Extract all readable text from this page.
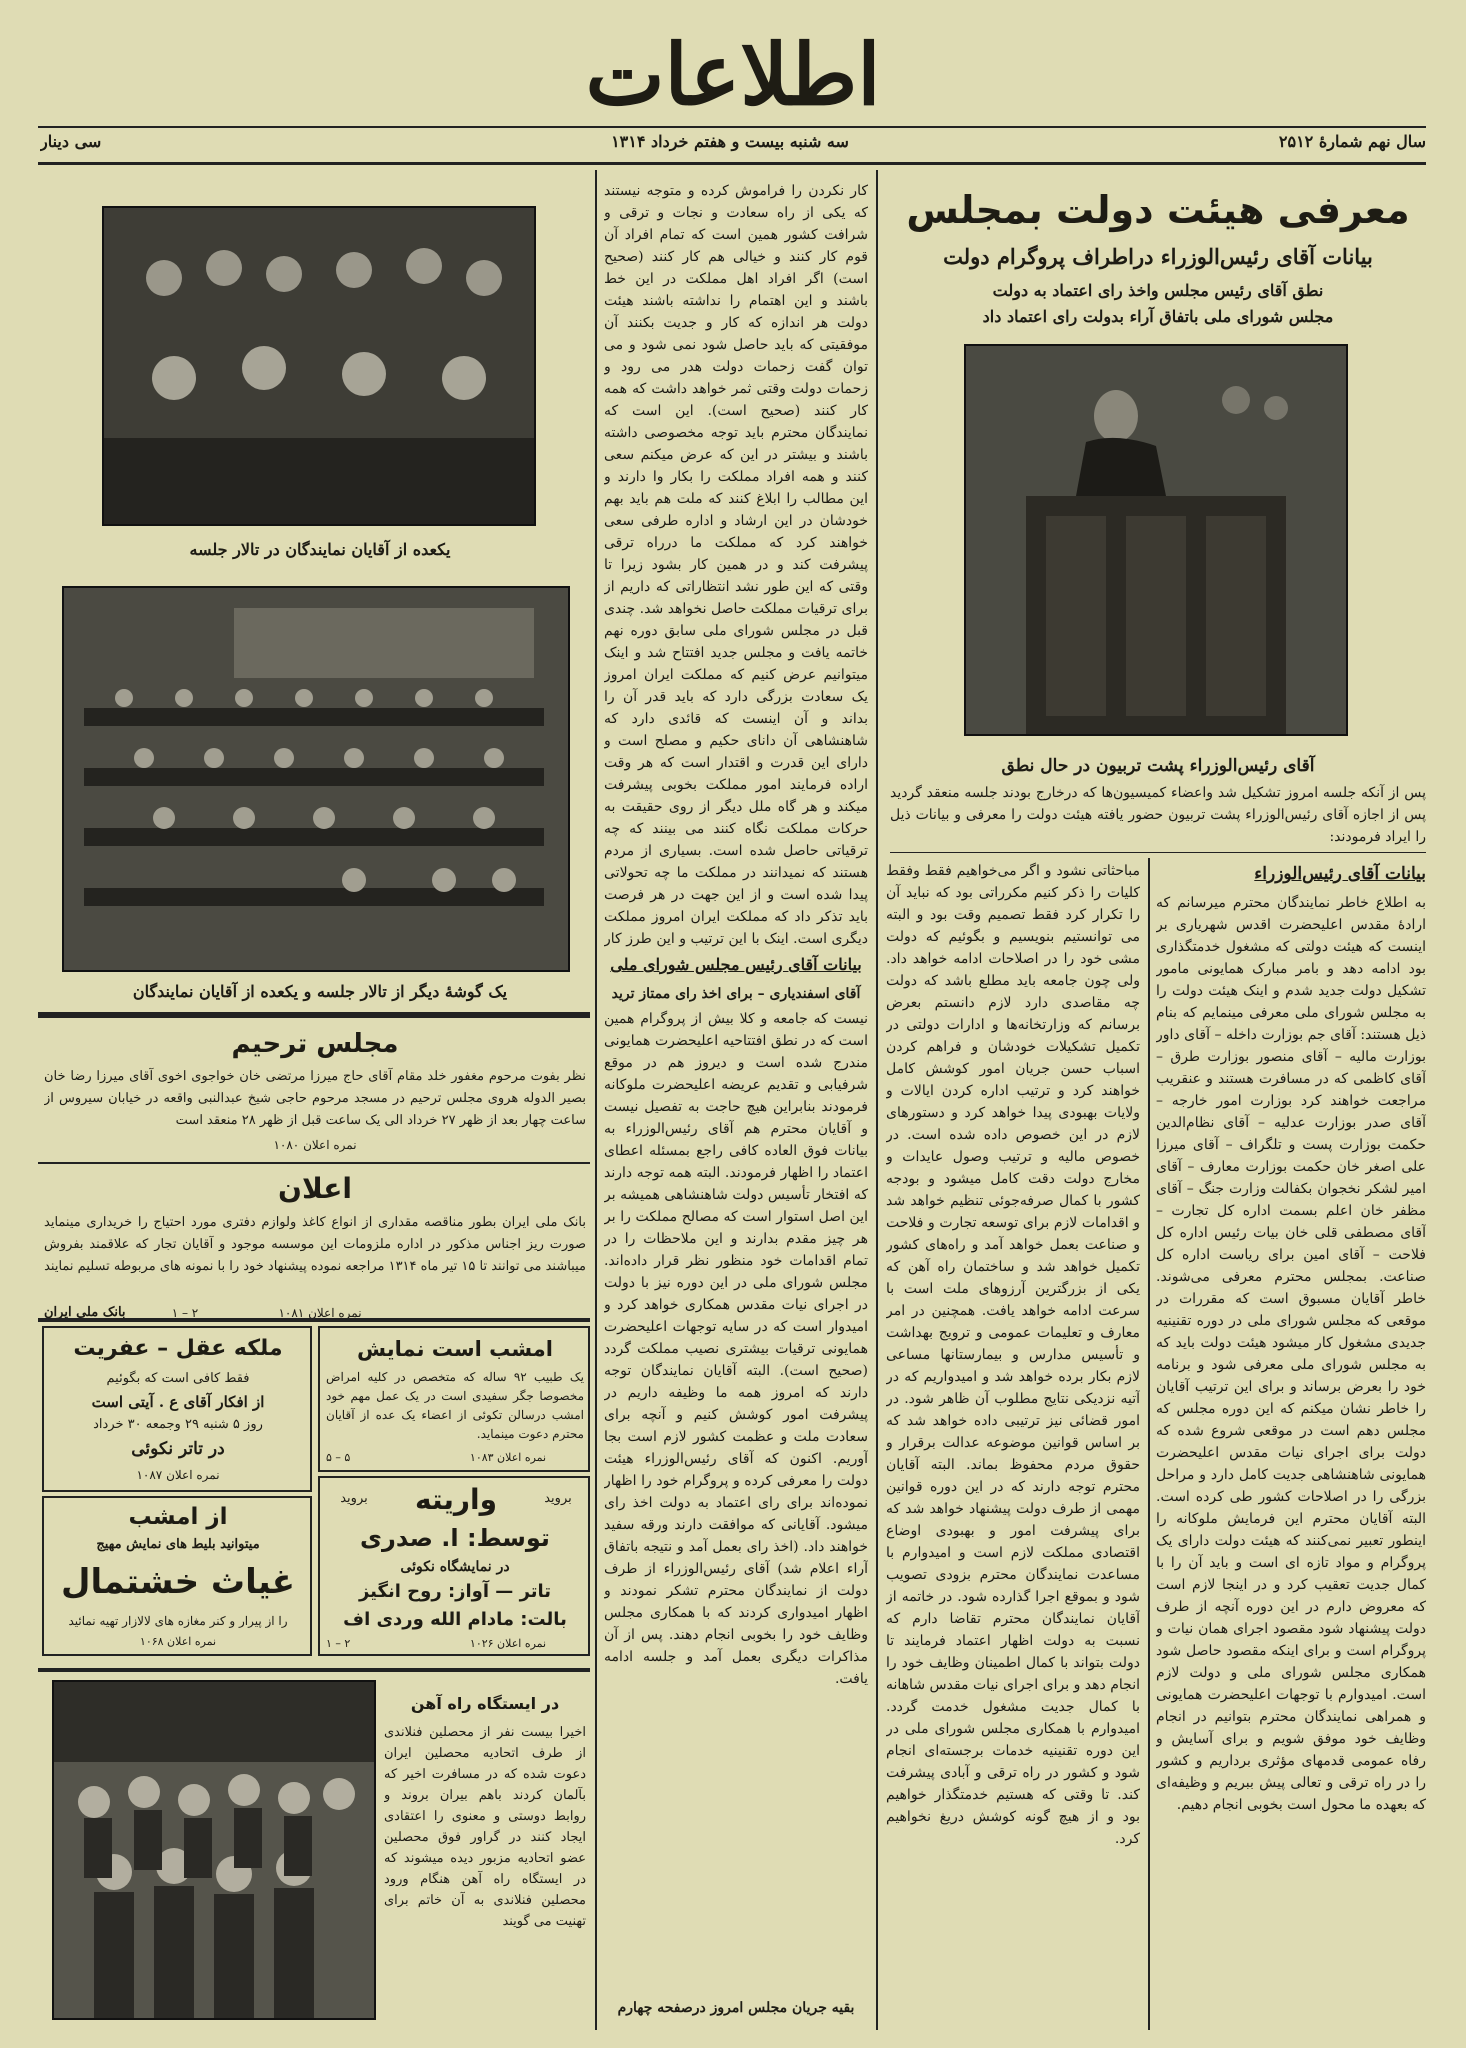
اطلاعات
سال نهم شمارهٔ ۲۵۱۲
سه شنبه بیست و هفتم خرداد ۱۳۱۴
سی دینار
معرفی هیئت دولت بمجلس
بیانات آقای رئیس‌الوزراء دراطراف پروگرام دولت
نطق آقای رئیس مجلس واخذ رای اعتماد به دولت
مجلس شورای ملی باتفاق آراء بدولت رای اعتماد داد
آقای رئیس‌الوزراء پشت تربیون در حال نطق
پس از آنکه جلسه امروز تشکیل شد واعضاء کمیسیون‌ها که درخارج بودند جلسه منعقد گردید پس از اجازه آقای رئیس‌الوزراء پشت تربیون حضور یافته هیئت دولت را معرفی و بیانات ذیل را ایراد فرمودند:
بیانات آقای رئیس‌الوزراء
به اطلاع خاطر نمایندگان محترم میرسانم که ارادهٔ مقدس اعلیحضرت اقدس شهریاری بر اینست که هیئت دولتی که مشغول خدمتگذاری بود ادامه دهد و بامر مبارک همایونی مامور تشکیل دولت جدید شدم و اینک هیئت دولت را به مجلس شورای ملی معرفی مینمایم که بنام ذیل هستند: آقای جم بوزارت داخله – آقای داور بوزارت مالیه – آقای منصور بوزارت طرق – آقای کاظمی که در مسافرت هستند و عنقریب مراجعت خواهند کرد بوزارت امور خارجه – آقای صدر بوزارت عدلیه – آقای نظام‌الدین حکمت بوزارت پست و تلگراف – آقای میرزا علی اصغر خان حکمت بوزارت معارف – آقای امیر لشکر نخجوان بکفالت وزارت جنگ – آقای مظفر خان اعلم بسمت اداره کل تجارت – آقای مصطفی قلی خان بیات رئیس اداره کل فلاحت – آقای امین برای ریاست اداره کل صناعت. بمجلس محترم معرفی می‌شوند. خاطر آقایان مسبوق است که مقررات در موقعی که مجلس شورای ملی در دوره تقنینیه جدیدی مشغول کار میشود هیئت دولت باید که به مجلس شورای ملی معرفی شود و برنامه خود را بعرض برساند و برای این ترتیب آقایان را خاطر نشان میکنم که این دوره مجلس که مجلس دهم است در موقعی شروع شده که دولت برای اجرای نیات مقدس اعلیحضرت همایونی شاهنشاهی جدیت کامل دارد و مراحل بزرگی را در اصلاحات کشور طی کرده است. البته آقایان محترم این فرمایش ملوکانه را اینطور تعبیر نمی‌کنند که هیئت دولت دارای یک پروگرام و مواد تازه ای است و باید آن را با کمال جدیت تعقیب کرد و در اینجا لازم است که معروض دارم در این دوره آنچه از طرف دولت پیشنهاد شود مقصود اجرای همان نیات و پروگرام است و برای اینکه مقصود حاصل شود همکاری مجلس شورای ملی و دولت لازم است. امیدوارم با توجهات اعلیحضرت همایونی و همراهی نمایندگان محترم بتوانیم در انجام وظایف خود موفق شویم و برای آسایش و رفاه عمومی قدمهای مؤثری برداریم و کشور را در راه ترقی و تعالی پیش ببریم و وظیفه‌ای که بعهده ما محول است بخوبی انجام دهیم.
مباحثاتی نشود و اگر می‌خواهیم فقط وفقط کلیات را ذکر کنیم مکرراتی بود که نباید آن را تکرار کرد فقط تصمیم وقت بود و البته می توانستیم بنویسیم و بگوئیم که دولت مشی خود را در اصلاحات ادامه خواهد داد. ولی چون جامعه باید مطلع باشد که دولت چه مقاصدی دارد لازم دانستم بعرض برسانم که وزارتخانه‌ها و ادارات دولتی در تکمیل تشکیلات خودشان و فراهم کردن اسباب حسن جریان امور کوشش کامل خواهند کرد و ترتیب اداره کردن ایالات و ولایات بهبودی پیدا خواهد کرد و دستورهای لازم در این خصوص داده شده است. در خصوص مالیه و ترتیب وصول عایدات و مخارج دولت دقت کامل میشود و بودجه کشور با کمال صرفه‌جوئی تنظیم خواهد شد و اقدامات لازم برای توسعه تجارت و فلاحت و صناعت بعمل خواهد آمد و راه‌های کشور تکمیل خواهد شد و ساختمان راه آهن که یکی از بزرگترین آرزوهای ملت است با سرعت ادامه خواهد یافت. همچنین در امر معارف و تعلیمات عمومی و ترویج بهداشت و تأسیس مدارس و بیمارستانها مساعی لازم بکار برده خواهد شد و امیدواریم که در آتیه نزدیکی نتایج مطلوب آن ظاهر شود. در امور قضائی نیز ترتیبی داده خواهد شد که بر اساس قوانین موضوعه عدالت برقرار و حقوق مردم محفوظ بماند. البته آقایان محترم توجه دارند که در این دوره قوانین مهمی از طرف دولت پیشنهاد خواهد شد که برای پیشرفت امور و بهبودی اوضاع اقتصادی مملکت لازم است و امیدوارم با مساعدت نمایندگان محترم بزودی تصویب شود و بموقع اجرا گذارده شود. در خاتمه از آقایان نمایندگان محترم تقاضا دارم که نسبت به دولت اظهار اعتماد فرمایند تا دولت بتواند با کمال اطمینان وظایف خود را انجام دهد و برای اجرای نیات مقدس شاهانه با کمال جدیت مشغول خدمت گردد. امیدوارم با همکاری مجلس شورای ملی در این دوره تقنینیه خدمات برجسته‌ای انجام شود و کشور در راه ترقی و آبادی پیشرفت کند. تا وقتی که هستیم خدمتگذار خواهیم بود و از هیچ گونه کوشش دریغ نخواهیم کرد.
کار نکردن را فراموش کرده و متوجه نیستند که یکی از راه سعادت و نجات و ترقی و شرافت کشور همین است که تمام افراد آن قوم کار کنند و خیالی هم کار کنند (صحیح است) اگر افراد اهل مملکت در این خط باشند و این اهتمام را نداشته باشند هیئت دولت هر اندازه که کار و جدیت بکنند آن موفقیتی که باید حاصل شود نمی شود و می توان گفت زحمات دولت هدر می رود و زحمات دولت وقتی ثمر خواهد داشت که همه کار کنند (صحیح است). این است که نمایندگان محترم باید توجه مخصوصی داشته باشند و بیشتر در این که عرض میکنم سعی کنند و همه افراد مملکت را بکار وا دارند و این مطالب را ابلاغ کنند که ملت هم باید بهم خودشان در این ارشاد و اداره طرفی سعی خواهند کرد که مملکت ما درراه ترقی پیشرفت کند و در همین کار بشود زیرا تا وقتی که این طور نشد انتظاراتی که داریم از برای ترقیات مملکت حاصل نخواهد شد. چندی قبل در مجلس شورای ملی سابق دوره نهم خاتمه یافت و مجلس جدید افتتاح شد و اینک میتوانیم عرض کنیم که مملکت ایران امروز یک سعادت بزرگی دارد که باید قدر آن را بداند و آن اینست که قائدی دارد که شاهنشاهی آن دانای حکیم و مصلح است و دارای این قدرت و اقتدار است که هر وقت اراده فرمایند امور مملکت بخوبی پیشرفت میکند و هر گاه ملل دیگر از روی حقیقت به حرکات مملکت نگاه کنند می بینند که چه ترقیاتی حاصل شده است. بسیاری از مردم هستند که نمیدانند در مملکت ما چه تحولاتی پیدا شده است و از این جهت در هر فرصت باید تذکر داد که مملکت ایران امروز مملکت دیگری است. اینک با این ترتیب و این طرز کار
بیانات آقای رئیس مجلس شورای ملی
آقای اسفندیاری – برای اخذ رای ممتاز ترید
نیست که جامعه و کلا بیش از پروگرام همین است که در نطق افتتاحیه اعلیحضرت همایونی مندرج شده است و دیروز هم در موقع شرفیابی و تقدیم عریضه اعلیحضرت ملوکانه فرمودند بنابراین هیچ حاجت به تفصیل نیست و آقایان محترم هم آقای رئیس‌الوزراء به بیانات فوق العاده کافی راجع بمسئله اعطای اعتماد را اظهار فرمودند. البته همه توجه دارند که افتخار تأسیس دولت شاهنشاهی همیشه بر این اصل استوار است که مصالح مملکت را بر هر چیز مقدم بدارند و این ملاحظات را در تمام اقدامات خود منظور نظر قرار داده‌اند. مجلس شورای ملی در این دوره نیز با دولت در اجرای نیات مقدس همکاری خواهد کرد و امیدوار است که در سایه توجهات اعلیحضرت همایونی ترقیات بیشتری نصیب مملکت گردد (صحیح است). البته آقایان نمایندگان توجه دارند که امروز همه ما وظیفه داریم در پیشرفت امور کوشش کنیم و آنچه برای سعادت ملت و عظمت کشور لازم است بجا آوریم. اکنون که آقای رئیس‌الوزراء هیئت دولت را معرفی کرده و پروگرام خود را اظهار نموده‌اند برای رای اعتماد به دولت اخذ رای میشود. آقایانی که موافقت دارند ورقه سفید خواهند داد. (اخذ رای بعمل آمد و نتیجه باتفاق آراء اعلام شد) آقای رئیس‌الوزراء از طرف دولت از نمایندگان محترم تشکر نمودند و اظهار امیدواری کردند که با همکاری مجلس وظایف خود را بخوبی انجام دهند. پس از آن مذاکرات دیگری بعمل آمد و جلسه ادامه یافت.
بقیه جریان مجلس امروز درصفحه چهارم
یکعده از آقایان نمایندگان در تالار جلسه
یک گوشهٔ دیگر از تالار جلسه و یکعده از آقایان نمایندگان
مجلس ترحیم
نظر بفوت مرحوم مغفور خلد مقام آقای حاج میرزا مرتضی خان خواجوی اخوی آقای میرزا رضا خان بصیر الدوله هروی مجلس ترحیم در مسجد مرحوم حاجی شیخ عبدالنبی واقعه در خیابان سیروس از ساعت چهار بعد از ظهر ۲۷ خرداد الی یک ساعت قبل از ظهر ۲۸ منعقد است
نمره اعلان ۱۰۸۰
اعلان
بانک ملی ایران بطور مناقصه مقداری از انواع کاغذ ولوازم دفتری مورد احتیاج را خریداری مینماید صورت ریز اجناس مذکور در اداره ملزومات این موسسه موجود و آقایان تجار که علاقمند بفروش میباشند می توانند تا ۱۵ تیر ماه ۱۳۱۴ مراجعه نموده پیشنهاد خود را با نمونه های مربوطه تسلیم نمایند
نمره اعلان ۱۰۸۱
۱ – ۲
بانک ملی ایران
ملکه عقل – عفریت
فقط کافی است که بگوئیم
از افکار آقای ع . آیتی است
روز ۵ شنبه ۲۹ وجمعه ۳۰ خرداد
در تاتر نکوئی
نمره اعلان ۱۰۸۷
امشب است نمایش
یک طبیب ۹۲ ساله که متخصص در کلیه امراض مخصوصا جگر سفیدی است در یک عمل مهم خود امشب درسالن تکوئی از اعضاء یک عده از آقایان محترم دعوت مینماید.
نمره اعلان ۱۰۸۳
۵ – ۵
از امشب
میتوانید بلیط های نمایش مهیج
غیاث خشتمال
را از پیرار و کنر مغازه های لالازار تهیه نمائید
نمره اعلان ۱۰۶۸
بروید	واریته	بروید
توسط: ا. صدری
در نمایشگاه نکوئی
تاتر — آواز: روح انگیز
بالت: مادام الله وردی اف
نمره اعلان ۱۰۲۶
۱ – ۲
در ایستگاه راه آهن
اخیرا بیست نفر از محصلین فنلاندی از طرف اتحادیه محصلین ایران دعوت شده که در مسافرت اخیر که بآلمان کردند باهم بیران بروند و روابط دوستی و معنوی را اعتقادی ایجاد کنند در گراور فوق محصلین عضو اتحادیه مزبور دیده میشوند که در ایستگاه راه آهن هنگام ورود محصلین فنلاندی به آن خاتم برای تهنیت می گویند
